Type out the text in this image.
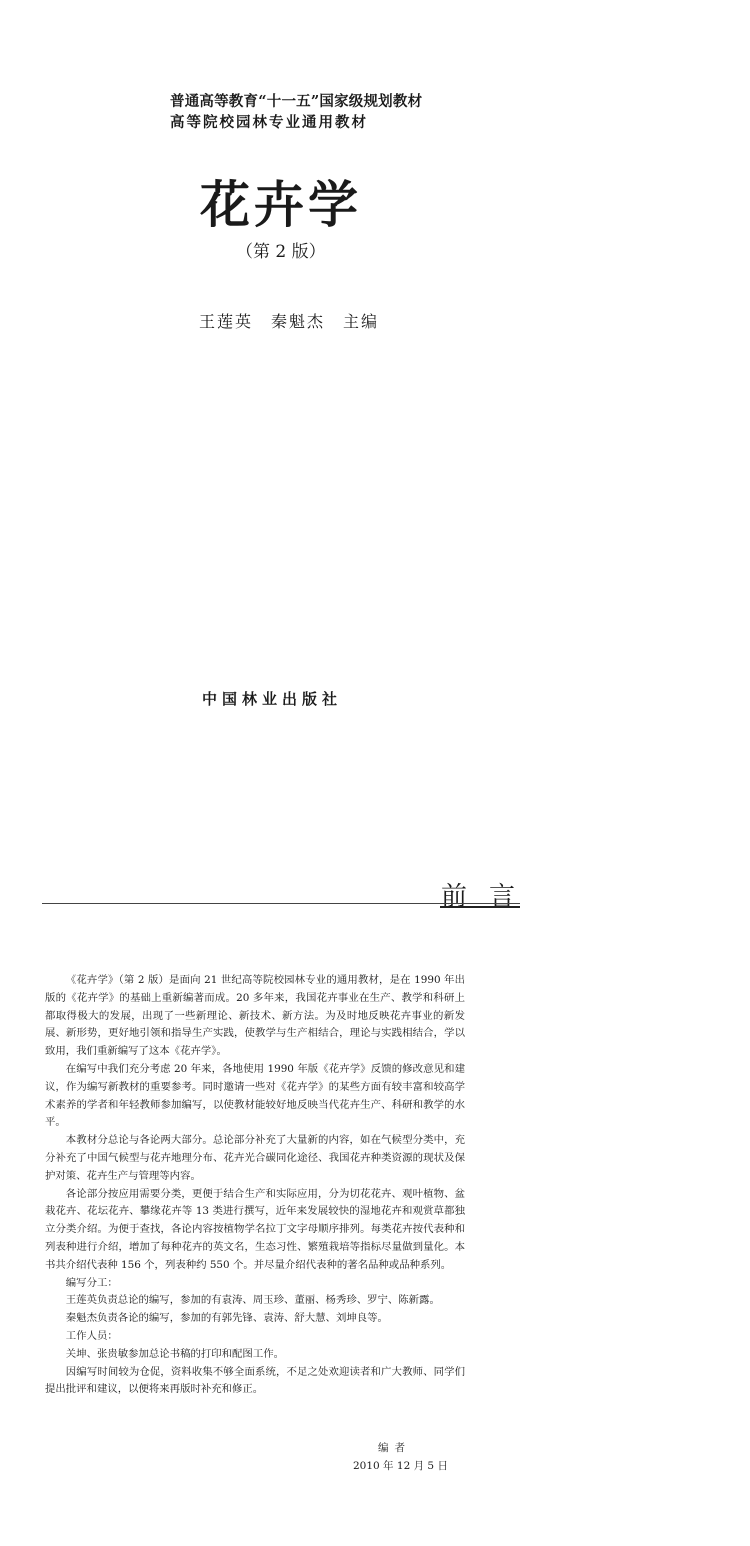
普通高等教育“十一五”国家级规划教材
高等院校园林专业通用教材
花卉学
（第 2 版）
王莲英　秦魁杰　主编
中国林业出版社
前言

《花卉学》（第 2 版）是面向 21 世纪高等院校园林专业的通用教材，是在 1990 年出版的《花卉学》的基础上重新编著而成。20 多年来，我国花卉事业在生产、教学和科研上都取得极大的发展，出现了一些新理论、新技术、新方法。为及时地反映花卉事业的新发展、新形势，更好地引领和指导生产实践，使教学与生产相结合，理论与实践相结合，学以致用，我们重新编写了这本《花卉学》。

在编写中我们充分考虑 20 年来，各地使用 1990 年版《花卉学》反馈的修改意见和建议，作为编写新教材的重要参考。同时邀请一些对《花卉学》的某些方面有较丰富和较高学术素养的学者和年轻教师参加编写，以使教材能较好地反映当代花卉生产、科研和教学的水平。

本教材分总论与各论两大部分。总论部分补充了大量新的内容，如在气候型分类中，充分补充了中国气候型与花卉地理分布、花卉光合碳同化途径、我国花卉种类资源的现状及保护对策、花卉生产与管理等内容。

各论部分按应用需要分类，更便于结合生产和实际应用，分为切花花卉、观叶植物、盆栽花卉、花坛花卉、攀缘花卉等 13 类进行撰写，近年来发展较快的湿地花卉和观赏草都独立分类介绍。为便于查找，各论内容按植物学名拉丁文字母顺序排列。每类花卉按代表种和列表种进行介绍，增加了每种花卉的英文名，生态习性、繁殖栽培等指标尽量做到量化。本书共介绍代表种 156 个，列表种约 550 个。并尽量介绍代表种的著名品种或品种系列。

编写分工：

王莲英负责总论的编写，参加的有袁涛、周玉珍、董丽、杨秀珍、罗宁、陈新露。

秦魁杰负责各论的编写，参加的有郭先锋、袁涛、舒大慧、刘坤良等。

工作人员：

关坤、张贵敏参加总论书稿的打印和配图工作。

因编写时间较为仓促，资料收集不够全面系统，不足之处欢迎读者和广大教师、同学们提出批评和建议，以便将来再版时补充和修正。

编者
2010 年 12 月 5 日
